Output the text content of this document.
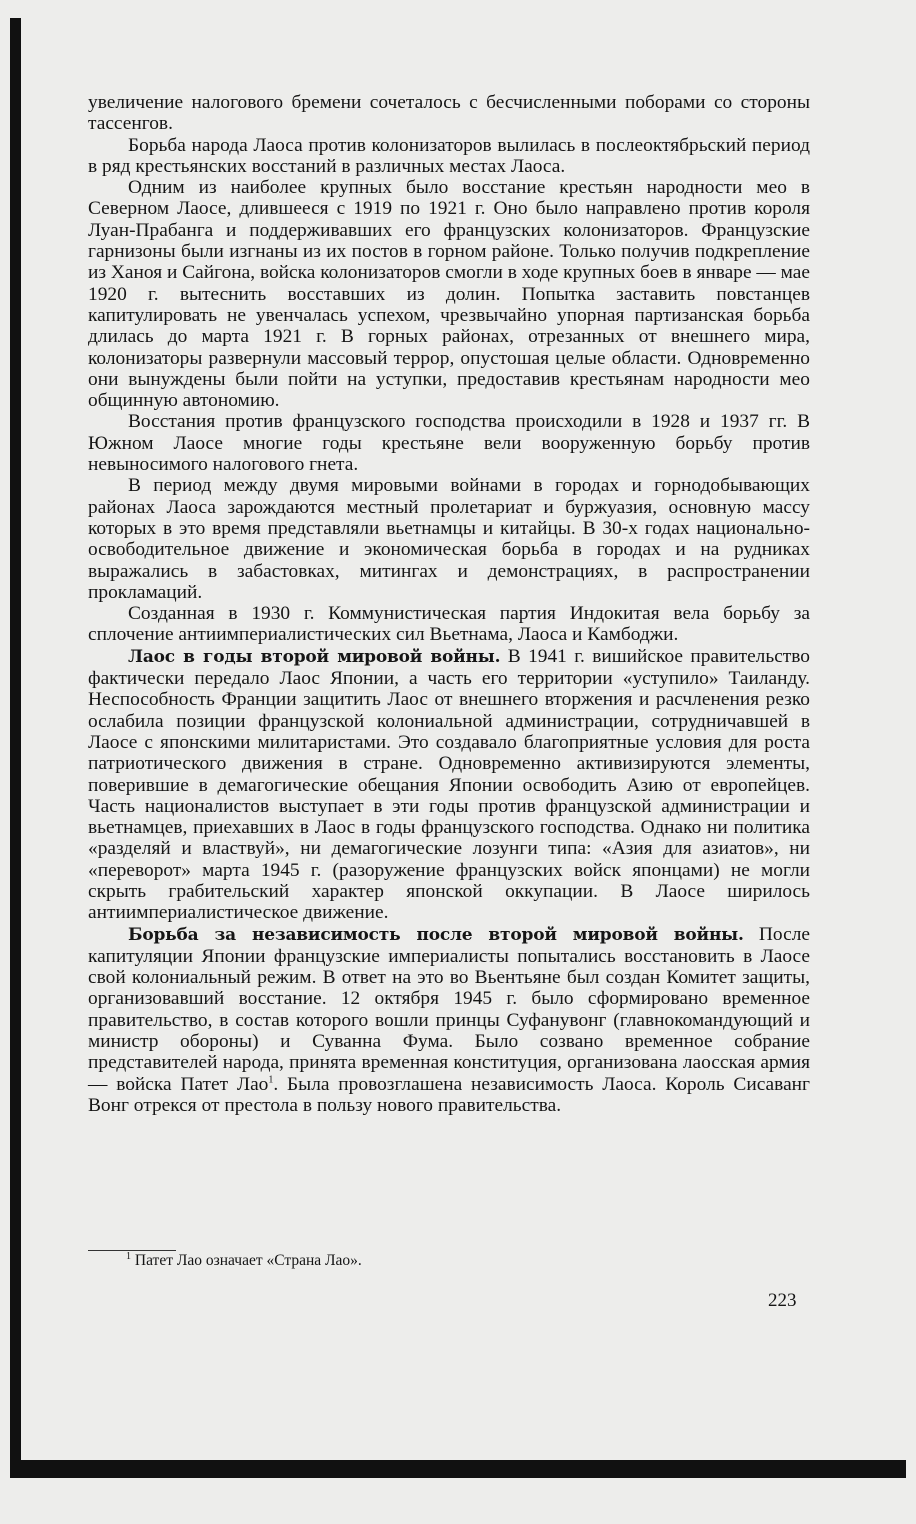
увеличение налогового бремени сочеталось с бесчисленными поборами со стороны тассенгов.

Борьба народа Лаоса против колонизаторов вылилась в послеоктябрьский период в ряд крестьянских восстаний в различных местах Лаоса.

Одним из наиболее крупных было восстание крестьян народности мео в Северном Лаосе, длившееся с 1919 по 1921 г. Оно было направлено против короля Луан-Прабанга и поддерживавших его французских колонизаторов. Французские гарнизоны были изгнаны из их постов в горном районе. Только получив подкрепление из Ханоя и Сайгона, войска колонизаторов смогли в ходе крупных боев в январе — мае 1920 г. вытеснить восставших из долин. Попытка заставить повстанцев капитулировать не увенчалась успехом, чрезвычайно упорная партизанская борьба длилась до марта 1921 г. В горных районах, отрезанных от внешнего мира, колонизаторы развернули массовый террор, опустошая целые области. Одновременно они вынуждены были пойти на уступки, предоставив крестьянам народности мео общинную автономию.

Восстания против французского господства происходили в 1928 и 1937 гг. В Южном Лаосе многие годы крестьяне вели вооруженную борьбу против невыносимого налогового гнета.

В период между двумя мировыми войнами в городах и горнодобывающих районах Лаоса зарождаются местный пролетариат и буржуазия, основную массу которых в это время представляли вьетнамцы и китайцы. В 30-х годах национально-освободительное движение и экономическая борьба в городах и на рудниках выражались в забастовках, митингах и демонстрациях, в распространении прокламаций.

Созданная в 1930 г. Коммунистическая партия Индокитая вела борьбу за сплочение антиимпериалистических сил Вьетнама, Лаоса и Камбоджи.

Лаос в годы второй мировой войны. В 1941 г. вишийское правительство фактически передало Лаос Японии, а часть его территории «уступило» Таиланду. Неспособность Франции защитить Лаос от внешнего вторжения и расчленения резко ослабила позиции французской колониальной администрации, сотрудничавшей в Лаосе с японскими милитаристами. Это создавало благоприятные условия для роста патриотического движения в стране. Одновременно активизируются элементы, поверившие в демагогические обещания Японии освободить Азию от европейцев. Часть националистов выступает в эти годы против французской администрации и вьетнамцев, приехавших в Лаос в годы французского господства. Однако ни политика «разделяй и властвуй», ни демагогические лозунги типа: «Азия для азиатов», ни «переворот» марта 1945 г. (разоружение французских войск японцами) не могли скрыть грабительский характер японской оккупации. В Лаосе ширилось антиимпериалистическое движение.

Борьба за независимость после второй мировой войны. После капитуляции Японии французские империалисты попытались восстановить в Лаосе свой колониальный режим. В ответ на это во Вьентьяне был создан Комитет защиты, организовавший восстание. 12 октября 1945 г. было сформировано временное правительство, в состав которого вошли принцы Суфанувонг (главнокомандующий и министр обороны) и Суванна Фума. Было созвано временное собрание представителей народа, принята временная конституция, организована лаосская армия — войска Патет Лао$^1$. Была провозглашена независимость Лаоса. Король Сисаванг Вонг отрекся от престола в пользу нового правительства.

$^1$ Патет Лао означает «Страна Лао».
223
